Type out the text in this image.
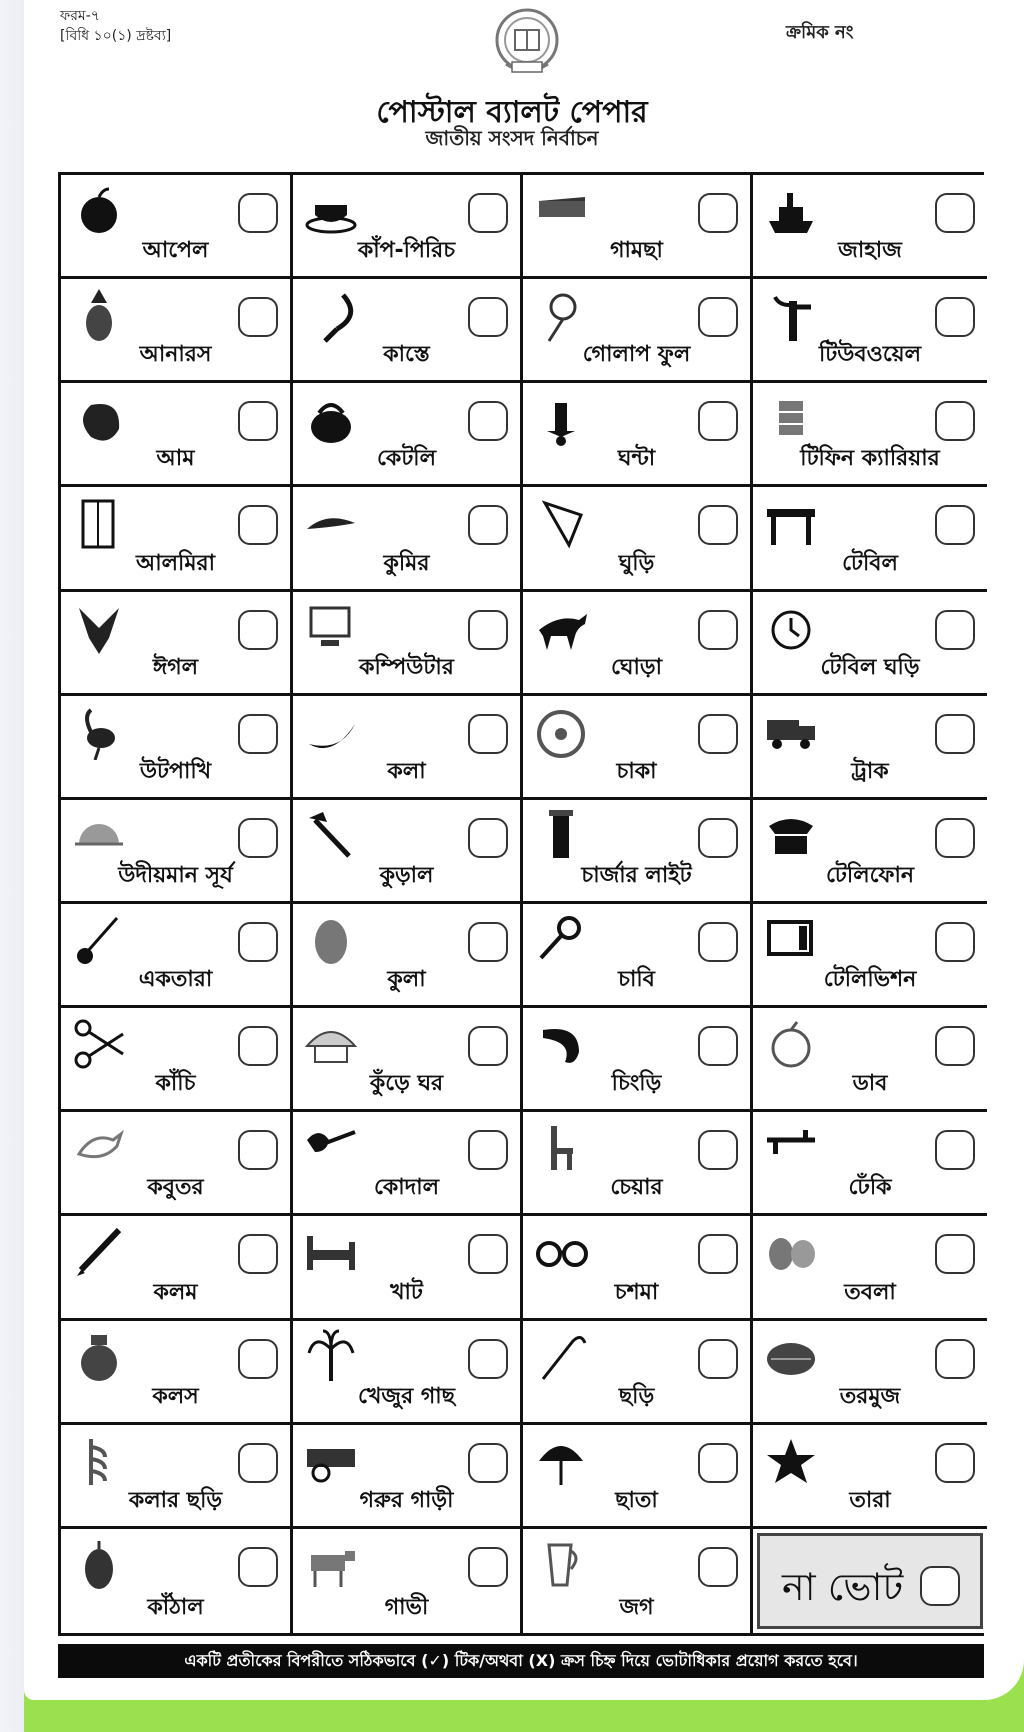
ফরম-৭
[বিধি ১০(১) দ্রষ্টব্য]	ক্রমিক নং
পোস্টাল ব্যালট পেপার
জাতীয় সংসদ নির্বাচন
আপেল	কাঁপ-পিরিচ	গামছা	জাহাজ
আনারস	কাস্তে	গোলাপ ফুল	টিউবওয়েল
আম	কেটলি	ঘন্টা	টিফিন ক্যারিয়ার
আলমিরা	কুমির	ঘুড়ি	টেবিল
ঈগল	কম্পিউটার	ঘোড়া	টেবিল ঘড়ি
উটপাখি	কলা	চাকা	ট্রাক
উদীয়মান সূর্য	কুড়াল	চার্জার লাইট	টেলিফোন
একতারা	কুলা	চাবি	টেলিভিশন
কাঁচি	কুঁড়ে ঘর	চিংড়ি	ডাব
কবুতর	কোদাল	চেয়ার	ঢেঁকি
কলম	খাট	চশমা	তবলা
কলস	খেজুর গাছ	ছড়ি	তরমুজ
কলার ছড়ি	গরুর গাড়ী	ছাতা	তারা
কাঁঠাল	গাভী	জগ	না ভোট
একটি প্রতীকের বিপরীতে সঠিকভাবে (✓) টিক/অথবা (X) ক্রস চিহ্ন দিয়ে ভোটাধিকার প্রয়োগ করতে হবে।
